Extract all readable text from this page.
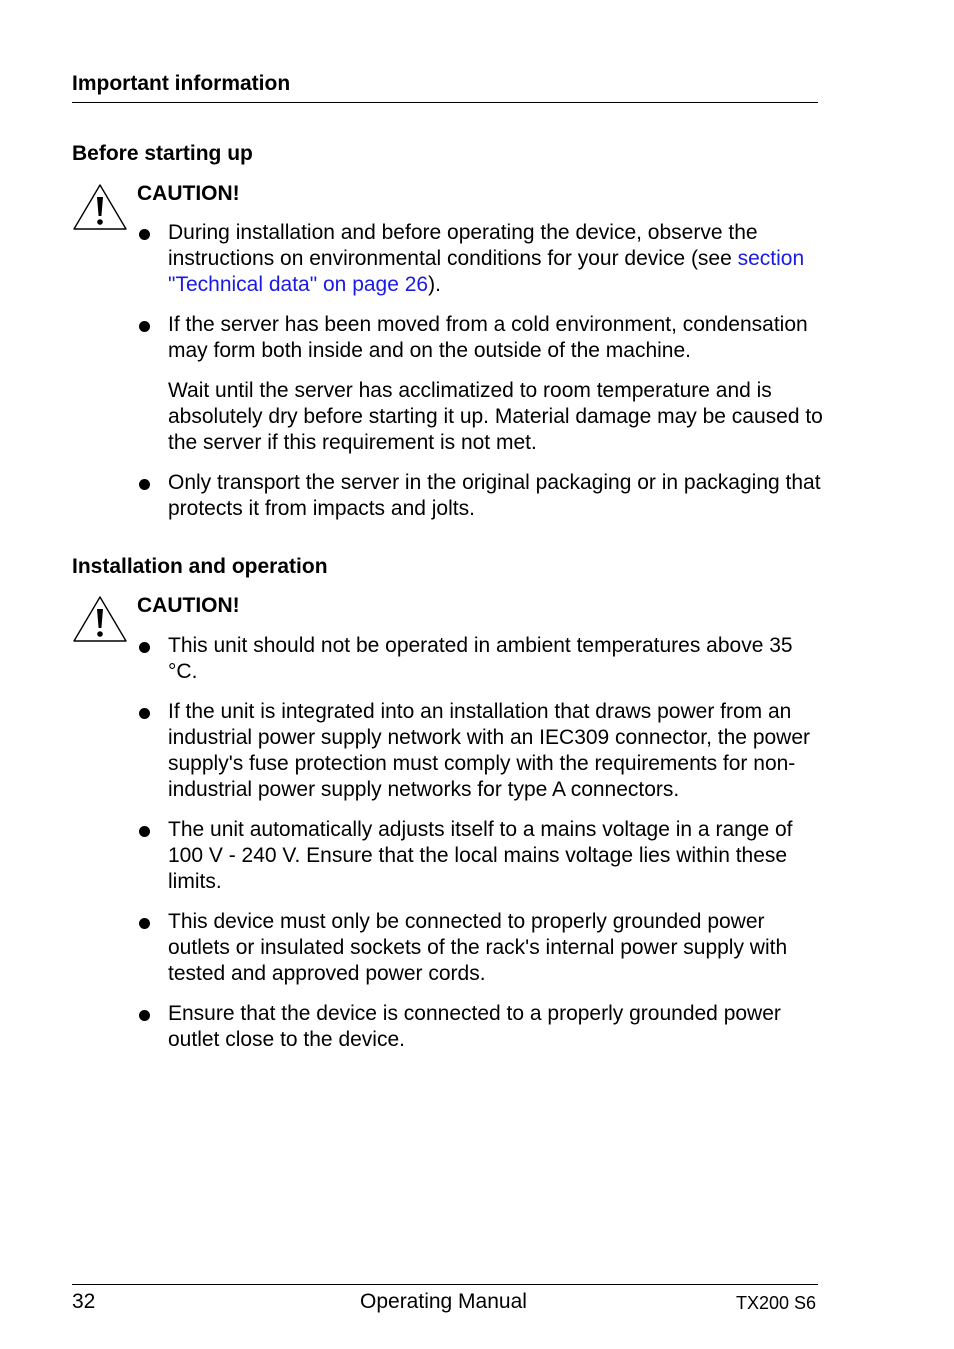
Important information
Before starting up
CAUTION!

During installation and before operating the device, observe the instructions on environmental conditions for your device (see section "Technical data" on page 26).

If the server has been moved from a cold environment, condensation may form both inside and on the outside of the machine.

Wait until the server has acclimatized to room temperature and is absolutely dry before starting it up. Material damage may be caused to the server if this requirement is not met.

Only transport the server in the original packaging or in packaging that protects it from impacts and jolts.

Installation and operation
CAUTION!

This unit should not be operated in ambient temperatures above 35 °C.

If the unit is integrated into an installation that draws power from an industrial power supply network with an IEC309 connector, the power supply's fuse protection must comply with the requirements for non-industrial power supply networks for type A connectors.

The unit automatically adjusts itself to a mains voltage in a range of 100 V - 240 V. Ensure that the local mains voltage lies within these limits.

This device must only be connected to properly grounded power outlets or insulated sockets of the rack's internal power supply with tested and approved power cords.

Ensure that the device is connected to a properly grounded power outlet close to the device.

32	Operating Manual	TX200 S6
